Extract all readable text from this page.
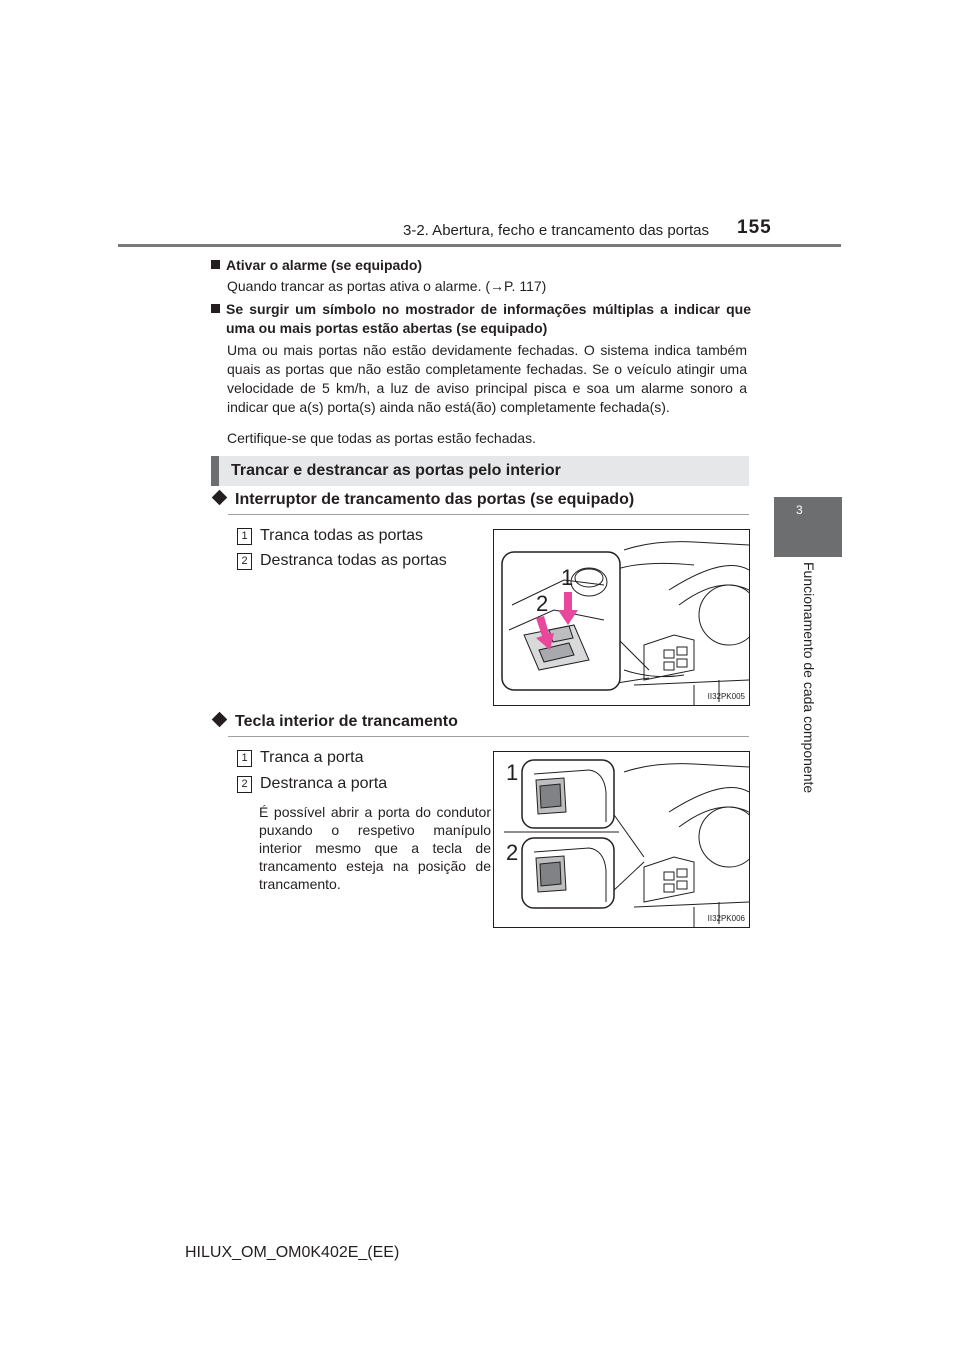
3-2. Abertura, fecho e trancamento das portas 155
3
Funcionamento de cada componente
Ativar o alarme (se equipado)
Quando trancar as portas ativa o alarme. (→P. 117)
Se surgir um símbolo no mostrador de informações múltiplas a indicar que uma ou mais portas estão abertas (se equipado)
Uma ou mais portas não estão devidamente fechadas. O sistema indica também quais as portas que não estão completamente fechadas. Se o veículo atingir uma velocidade de 5 km/h, a luz de aviso principal pisca e soa um alarme sonoro a indicar que a(s) porta(s) ainda não está(ão) completamente fechada(s).
Certifique-se que todas as portas estão fechadas.
Trancar e destrancar as portas pelo interior
Interruptor de trancamento das portas (se equipado)
1 Tranca todas as portas
2 Destranca todas as portas
1
2
II32PK005
Tecla interior de trancamento
1 Tranca a porta
2 Destranca a porta
É possível abrir a porta do condutor puxando o respetivo manípulo interior mesmo que a tecla de trancamento esteja na posição de trancamento.
1
2
II32PK006
HILUX_OM_OM0K402E_(EE)
